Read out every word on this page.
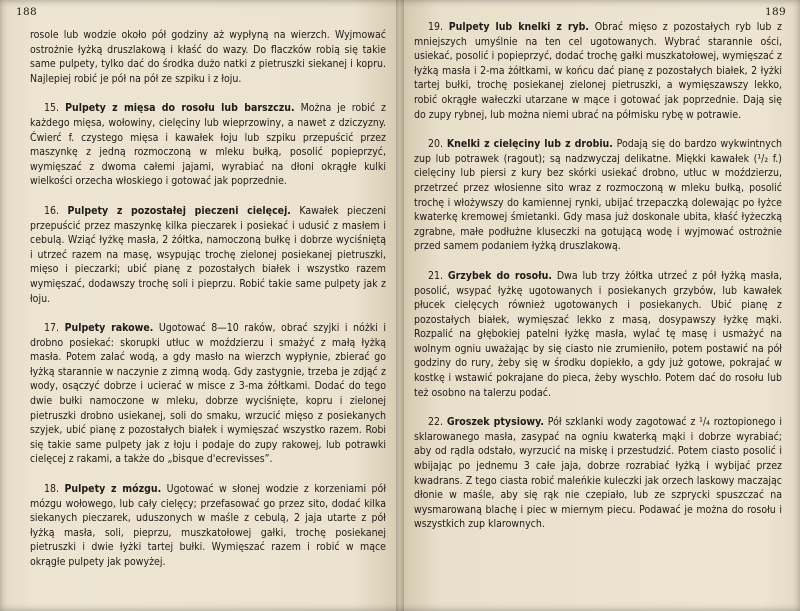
188

rosole lub wodzie około pół godziny aż wypłyną na wierzch. Wyjmować ostrożnie łyżką druszlakową i kłaść do wazy. Do flaczków robią się takie same pulpety, tylko dać do środka dużo natki z pietruszki siekanej i kopru. Najlepiej robić je pół na pół ze szpiku i z łoju.

15. Pulpety z mięsa do rosołu lub barszczu. Można je robić z każdego mięsa, wołowiny, cielęciny lub wieprzowiny, a nawet z dziczyzny. Ćwierć f. czystego mięsa i kawałek łoju lub szpiku przepuścić przez maszynkę z jedną rozmoczoną w mleku bułką, posolić popieprzyć, wymięszać z dwoma całemi jajami, wyrabiać na dłoni okrągłe kulki wielkości orzecha włoskiego i gotować jak poprzednie.

16. Pulpety z pozostałej pieczeni cielęcej. Kawałek pieczeni przepuścić przez maszynkę kilka pieczarek i posiekać i udusić z masłem i cebulą. Wziąć łyżkę masła, 2 żółtka, namoczoną bułkę i dobrze wyciśniętą i utrzeć razem na masę, wsypując trochę zielonej posiekanej pietruszki, mięso i pieczarki; ubić pianę z pozostałych białek i wszystko razem wymięszać, dodawszy trochę soli i pieprzu. Robić takie same pulpety jak z łoju.

17. Pulpety rakowe. Ugotować 8—10 raków, obrać szyjki i nóżki i drobno posiekać: skorupki utłuc w moździerzu i smażyć z małą łyżką masła. Potem zalać wodą, a gdy masło na wierzch wypłynie, zbierać go łyżką starannie w naczynie z zimną wodą. Gdy zastygnie, trzeba je zdjąć z wody, osączyć dobrze i ucierać w misce z 3-ma żółtkami. Dodać do tego dwie bułki namoczone w mleku, dobrze wyciśnięte, kopru i zielonej pietruszki drobno usiekanej, soli do smaku, wrzucić mięso z posiekanych szyjek, ubić pianę z pozostałych białek i wymięszać wszystko razem. Robi się takie same pulpety jak z łoju i podaje do zupy rakowej, lub potrawki cielęcej z rakami, a także do „bisque d'ecrevisses”.

18. Pulpety z mózgu. Ugotować w słonej wodzie z korzeniami pół mózgu wołowego, lub cały cielęcy; przefasować go przez sito, dodać kilka siekanych pieczarek, uduszonych w maśle z cebulą, 2 jaja utarte z pół łyżką masła, soli, pieprzu, muszkatołowej gałki, trochę posiekanej pietruszki i dwie łyżki tartej bułki. Wymięszać razem i robić w mące okrągłe pulpety jak powyżej.

189

19. Pulpety lub knelki z ryb. Obrać mięso z pozostałych ryb lub z mniejszych umyślnie na ten cel ugotowanych. Wybrać starannie ości, usiekać, posolić i popieprzyć, dodać trochę gałki muszkatołowej, wymięszać z łyżką masła i 2-ma żółtkami, w końcu dać pianę z pozostałych białek, 2 łyżki tartej bułki, trochę posiekanej zielonej pietruszki, a wymięszawszy lekko, robić okrągłe wałeczki utarzane w mące i gotować jak poprzednie. Dają się do zupy rybnej, lub można niemi ubrać na półmisku rybę w potrawie.

20. Knelki z cielęciny lub z drobiu. Podają się do bardzo wykwintnych zup lub potrawek (ragout); są nadzwyczaj delikatne. Miękki kawałek (¹/₂ f.) cielęciny lub piersi z kury bez skórki usiekać drobno, utłuc w moździerzu, przetrzeć przez włosienne sito wraz z rozmoczoną w mleku bułką, posolić trochę i włożywszy do kamiennej rynki, ubijać trzepaczką dolewając po łyżce kwaterkę kremowej śmietanki. Gdy masa już doskonale ubita, kłaść łyżeczką zgrabne, małe podłużne kluseczki na gotującą wodę i wyjmować ostrożnie przed samem podaniem łyżką druszlakową.

21. Grzybek do rosołu. Dwa lub trzy żółtka utrzeć z pół łyżką masła, posolić, wsypać łyżkę ugotowanych i posiekanych grzybów, lub kawałek płucek cielęcych również ugotowanych i posiekanych. Ubić pianę z pozostałych białek, wymięszać lekko z masą, dosypawszy łyżkę mąki. Rozpalić na głębokiej patelni łyżkę masła, wylać tę masę i usmażyć na wolnym ogniu uważając by się ciasto nie zrumieniło, potem postawić na pół godziny do rury, żeby się w środku dopiekło, a gdy już gotowe, pokrajać w kostkę i wstawić pokrajane do pieca, żeby wyschło. Potem dać do rosołu lub też osobno na talerzu podać.

22. Groszek ptysiowy. Pół szklanki wody zagotować z ¹/₄ roztopionego i sklarowanego masła, zasypać na ogniu kwaterką mąki i dobrze wyrabiać; aby od rądla odstało, wyrzucić na miskę i przestudzić. Potem ciasto posolić i wbijając po jednemu 3 całe jaja, dobrze rozrabiać łyżką i wybijać przez kwadrans. Z tego ciasta robić maleńkie kuleczki jak orzech laskowy maczając dłonie w maśle, aby się rąk nie czepiało, lub ze szprycki spuszczać na wysmarowaną blachę i piec w miernym piecu. Podawać je można do rosołu i wszystkich zup klarownych.
